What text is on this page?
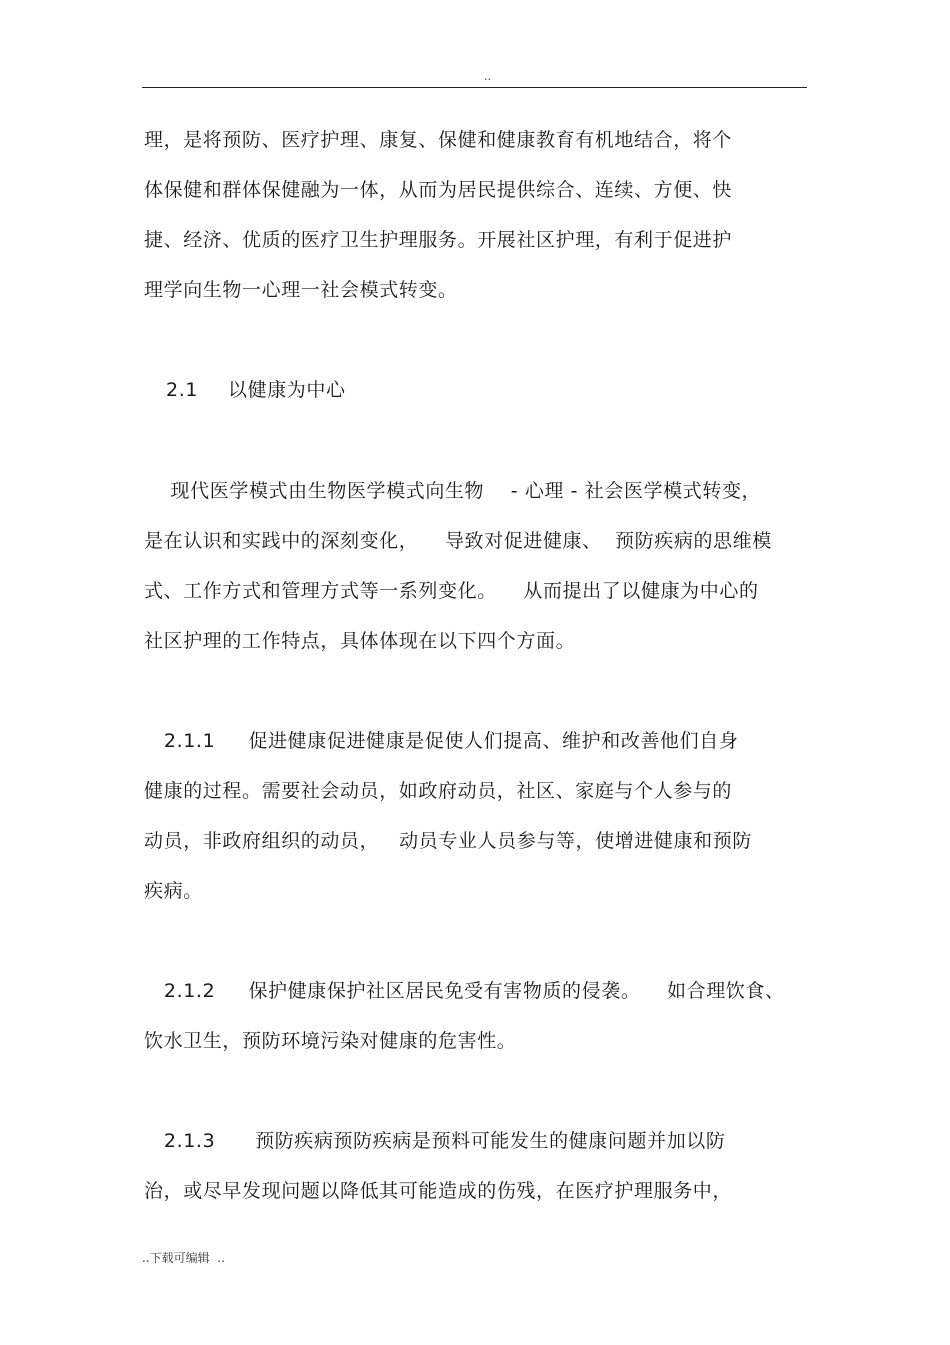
..
理，是将预防、医疗护理、康复、保健和健康教育有机地结合，将个
体保健和群体保健融为一体，从而为居民提供综合、连续、方便、快
捷、经济、优质的医疗卫生护理服务。开展社区护理，有利于促进护
理学向生物一心理一社会模式转变。
2.1 以健康为中心
现代医学模式由生物医学模式向生物    - 心理 - 社会医学模式转变，
是在认识和实践中的深刻变化，    导致对促进健康、  预防疾病的思维模
式、工作方式和管理方式等一系列变化。    从而提出了以健康为中心的
社区护理的工作特点，具体体现在以下四个方面。
2.1.1     促进健康促进健康是促使人们提高、维护和改善他们自身
健康的过程。需要社会动员，如政府动员，社区、家庭与个人参与的
动员，非政府组织的动员，   动员专业人员参与等，使增进健康和预防
疾病。
2.1.2     保护健康保护社区居民免受有害物质的侵袭。    如合理饮食、
饮水卫生，预防环境污染对健康的危害性。
2.1.3      预防疾病预防疾病是预料可能发生的健康问题并加以防
治，或尽早发现问题以降低其可能造成的伤残，在医疗护理服务中，
..下载可编辑  ..
